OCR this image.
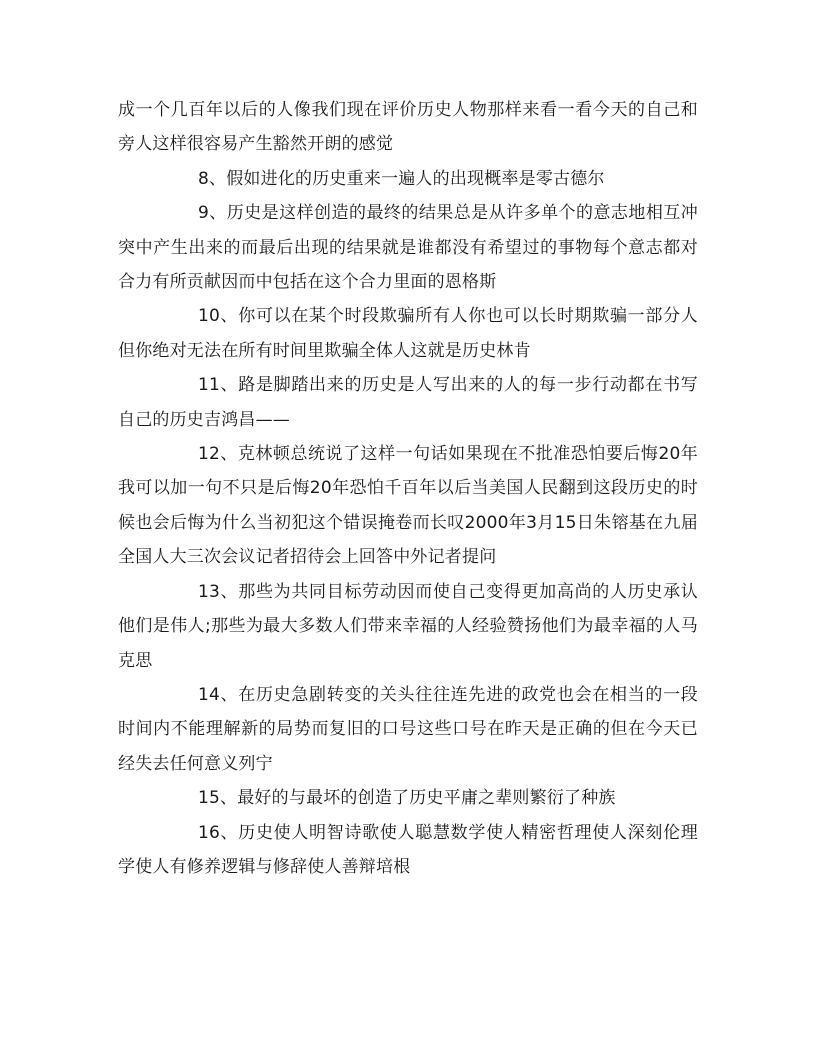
成一个几百年以后的人像我们现在评价历史人物那样来看一看今天的自己和旁人这样很容易产生豁然开朗的感觉

8、假如进化的历史重来一遍人的出现概率是零古德尔

9、历史是这样创造的最终的结果总是从许多单个的意志地相互冲突中产生出来的而最后出现的结果就是谁都没有希望过的事物每个意志都对合力有所贡献因而中包括在这个合力里面的恩格斯

10、你可以在某个时段欺骗所有人你也可以长时期欺骗一部分人但你绝对无法在所有时间里欺骗全体人这就是历史林肯

11、路是脚踏出来的历史是人写出来的人的每一步行动都在书写自己的历史吉鸿昌——

12、克林顿总统说了这样一句话如果现在不批准恐怕要后悔20年我可以加一句不只是后悔20年恐怕千百年以后当美国人民翻到这段历史的时候也会后悔为什么当初犯这个错误掩卷而长叹2000年3月15日朱镕基在九届全国人大三次会议记者招待会上回答中外记者提问

13、那些为共同目标劳动因而使自己变得更加高尚的人历史承认他们是伟人;那些为最大多数人们带来幸福的人经验赞扬他们为最幸福的人马克思

14、在历史急剧转变的关头往往连先进的政党也会在相当的一段时间内不能理解新的局势而复旧的口号这些口号在昨天是正确的但在今天已经失去任何意义列宁

15、最好的与最坏的创造了历史平庸之辈则繁衍了种族

16、历史使人明智诗歌使人聪慧数学使人精密哲理使人深刻伦理学使人有修养逻辑与修辞使人善辩培根
